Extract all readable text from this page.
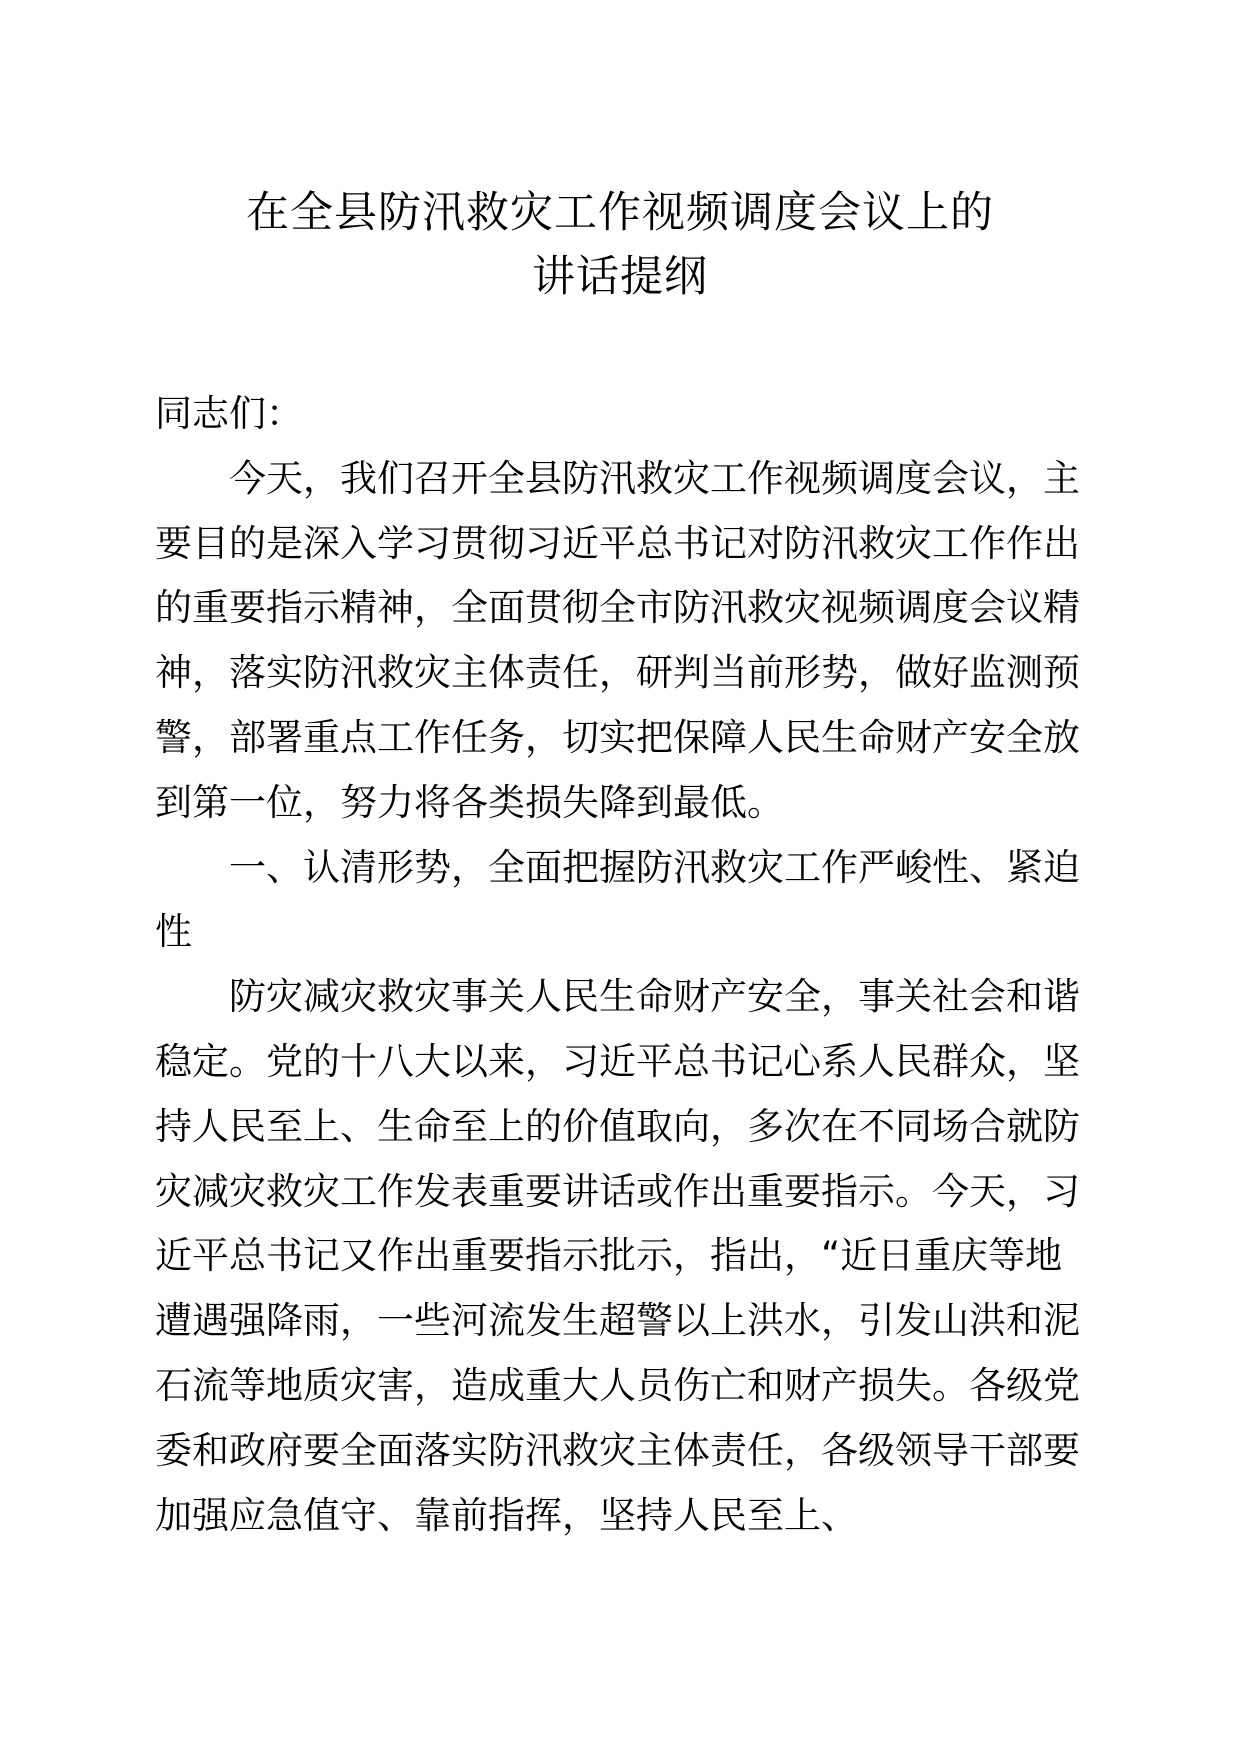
在全县防汛救灾工作视频调度会议上的
讲话提纲

同志们：

今天，我们召开全县防汛救灾工作视频调度会议，主要目的是深入学习贯彻习近平总书记对防汛救灾工作作出的重要指示精神，全面贯彻全市防汛救灾视频调度会议精神，落实防汛救灾主体责任，研判当前形势，做好监测预警，部署重点工作任务，切实把保障人民生命财产安全放到第一位，努力将各类损失降到最低。

一、认清形势，全面把握防汛救灾工作严峻性、紧迫性

防灾减灾救灾事关人民生命财产安全，事关社会和谐稳定。党的十八大以来，习近平总书记心系人民群众，坚持人民至上、生命至上的价值取向，多次在不同场合就防灾减灾救灾工作发表重要讲话或作出重要指示。今天，习近平总书记又作出重要指示批示，指出，“近日重庆等地遭遇强降雨，一些河流发生超警以上洪水，引发山洪和泥石流等地质灾害，造成重大人员伤亡和财产损失。各级党委和政府要全面落实防汛救灾主体责任，各级领导干部要加强应急值守、靠前指挥，坚持人民至上、
